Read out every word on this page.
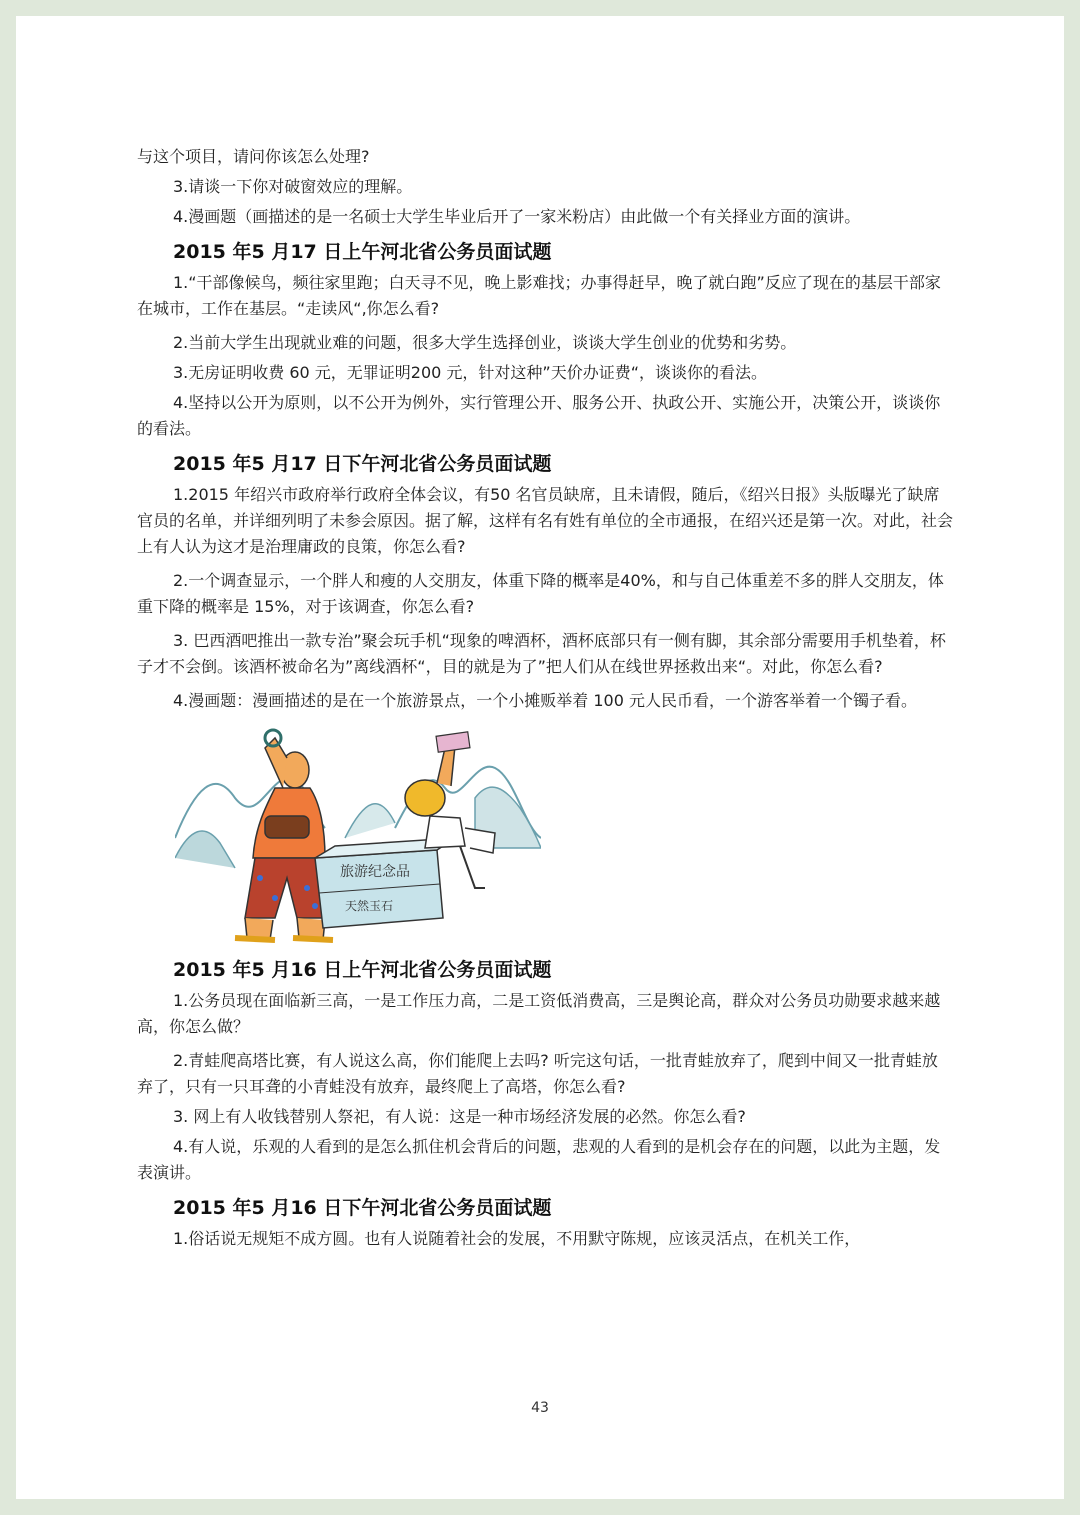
与这个项目，请问你该怎么处理?

3.请谈一下你对破窗效应的理解。

4.漫画题（画描述的是一名硕士大学生毕业后开了一家米粉店）由此做一个有关择业方面的演讲。

2015 年5 月17 日上午河北省公务员面试题

1.“干部像候鸟，频往家里跑；白天寻不见，晚上影难找；办事得赶早，晚了就白跑”反应了现在的基层干部家在城市，工作在基层。“走读风“,你怎么看?

2.当前大学生出现就业难的问题，很多大学生选择创业，谈谈大学生创业的优势和劣势。

3.无房证明收费 60 元，无罪证明200 元，针对这种”天价办证费“，谈谈你的看法。

4.坚持以公开为原则，以不公开为例外，实行管理公开、服务公开、执政公开、实施公开，决策公开，谈谈你的看法。

2015 年5 月17 日下午河北省公务员面试题

1.2015 年绍兴市政府举行政府全体会议，有50 名官员缺席，且未请假，随后，《绍兴日报》头版曝光了缺席官员的名单，并详细列明了未参会原因。据了解，这样有名有姓有单位的全市通报，在绍兴还是第一次。对此，社会上有人认为这才是治理庸政的良策，你怎么看?

2.一个调查显示，一个胖人和瘦的人交朋友，体重下降的概率是40%，和与自己体重差不多的胖人交朋友，体重下降的概率是 15%，对于该调查，你怎么看?

3. 巴西酒吧推出一款专治”聚会玩手机“现象的啤酒杯，酒杯底部只有一侧有脚，其余部分需要用手机垫着，杯子才不会倒。该酒杯被命名为”离线酒杯“，目的就是为了”把人们从在线世界拯救出来“。对此，你怎么看?

4.漫画题：漫画描述的是在一个旅游景点，一个小摊贩举着 100 元人民币看，一个游客举着一个镯子看。

旅游纪念品
天然玉石
2015 年5 月16 日上午河北省公务员面试题

1.公务员现在面临新三高，一是工作压力高，二是工资低消费高，三是舆论高，群众对公务员功勋要求越来越高，你怎么做？

2.青蛙爬高塔比赛，有人说这么高，你们能爬上去吗? 听完这句话，一批青蛙放弃了，爬到中间又一批青蛙放弃了，只有一只耳聋的小青蛙没有放弃，最终爬上了高塔，你怎么看?

3. 网上有人收钱替别人祭祀，有人说：这是一种市场经济发展的必然。你怎么看?

4.有人说，乐观的人看到的是怎么抓住机会背后的问题，悲观的人看到的是机会存在的问题，以此为主题，发表演讲。

2015 年5 月16 日下午河北省公务员面试题

1.俗话说无规矩不成方圆。也有人说随着社会的发展，不用默守陈规，应该灵活点，在机关工作，

43
